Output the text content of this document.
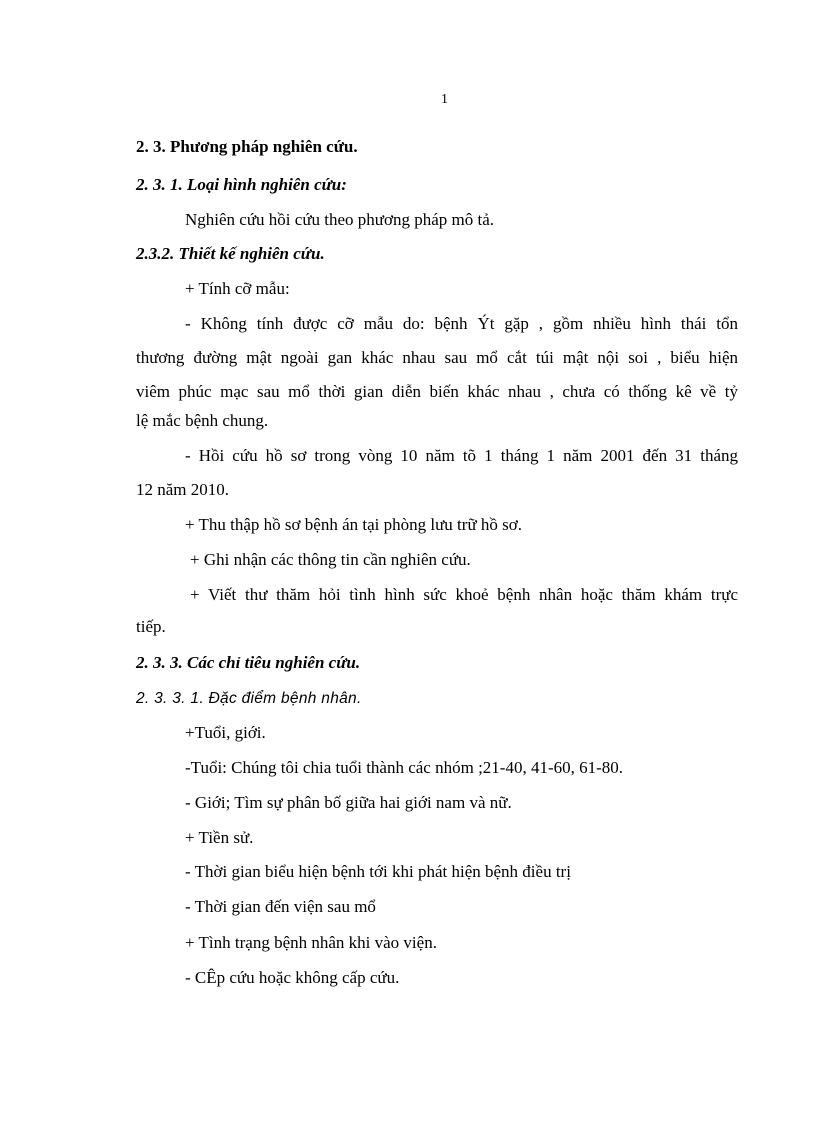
1
2. 3. Phương pháp nghiên cứu.
2. 3. 1. Loại hình nghiên cứu:
Nghiên cứu hồi cứu theo phương pháp mô tả.
2.3.2. Thiết kế nghiên cứu.
+ Tính cỡ mẫu:
- Không tính được cỡ mẫu do: bệnh Ýt gặp , gồm nhiều hình thái tổn
thương đường mật ngoài gan khác nhau sau mổ cắt túi mật nội soi , biểu hiện
viêm phúc mạc sau mổ thời gian diễn biến khác nhau , chưa có thống kê về tỷ
lệ mắc bệnh chung.
- Hồi cứu hồ sơ trong vòng 10 năm tõ 1 tháng 1 năm 2001 đến 31 tháng
12 năm 2010.
+ Thu thập hồ sơ bệnh án tại phòng lưu trữ hồ sơ.
+ Ghi nhận các thông tin cần nghiên cứu.
+ Viết thư thăm hỏi tình hình sức khoẻ bệnh nhân hoặc thăm khám trực
tiếp.
2. 3. 3. Các chỉ tiêu nghiên cứu.
2. 3. 3. 1. Đặc điểm bệnh nhân.
+Tuổi, giới.
-Tuổi: Chúng tôi chia tuổi thành các nhóm ;21-40, 41-60, 61-80.
- Giới; Tìm sự phân bố giữa hai giới nam và nữ.
+ Tiền sử.
- Thời gian biểu hiện bệnh tới khi phát hiện bệnh điều trị
- Thời gian đến viện sau mổ
+ Tình trạng bệnh nhân khi vào viện.
- CÊp cứu hoặc không cấp cứu.
